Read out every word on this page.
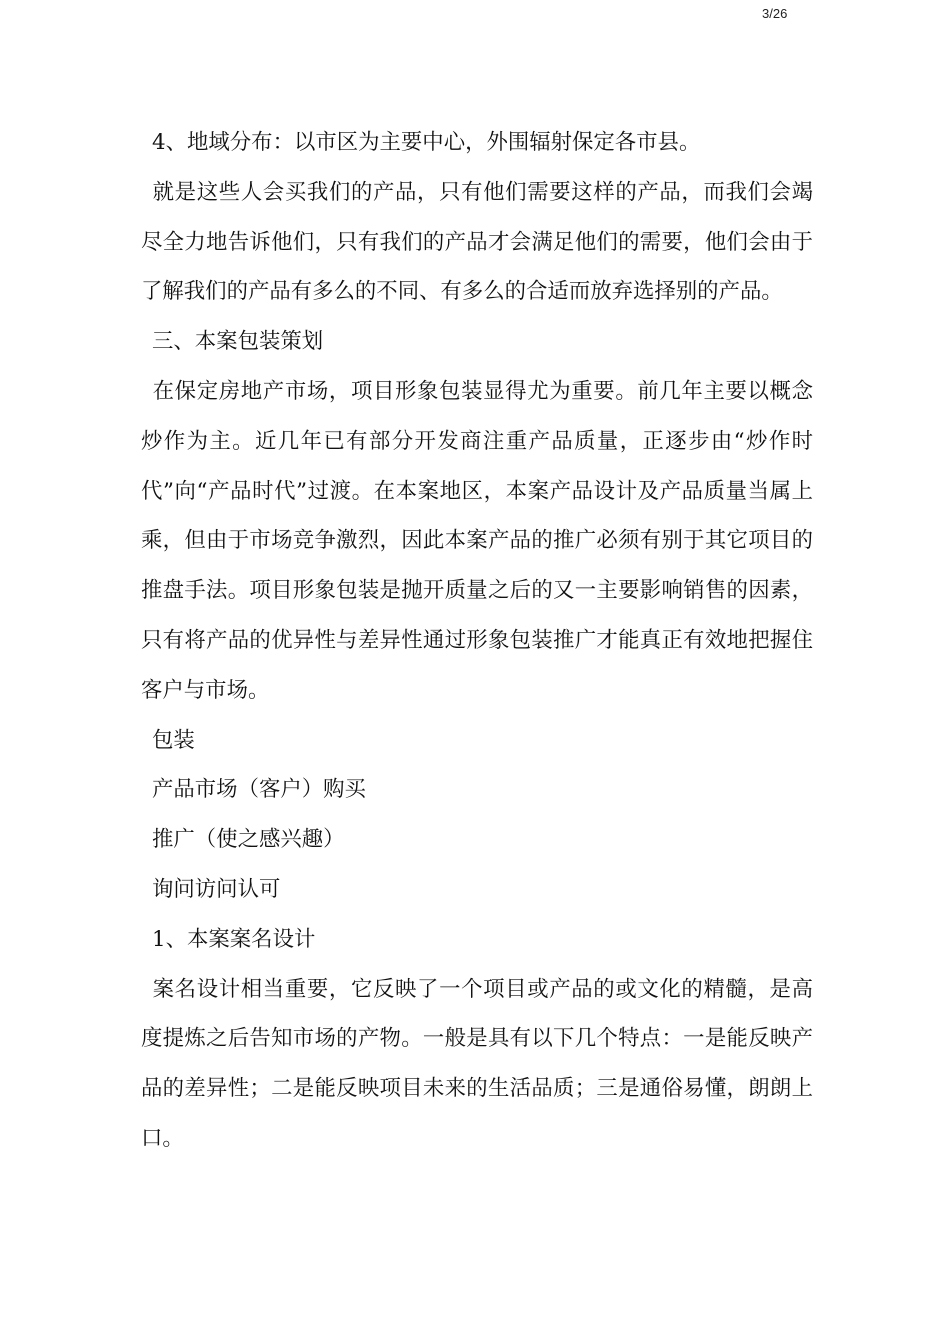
3/26

4、地域分布：以市区为主要中心，外围辐射保定各市县。

就是这些人会买我们的产品，只有他们需要这样的产品，而我们会竭尽全力地告诉他们，只有我们的产品才会满足他们的需要，他们会由于了解我们的产品有多么的不同、有多么的合适而放弃选择别的产品。

三、本案包装策划

在保定房地产市场，项目形象包装显得尤为重要。前几年主要以概念炒作为主。近几年已有部分开发商注重产品质量，正逐步由“炒作时代”向“产品时代”过渡。在本案地区，本案产品设计及产品质量当属上乘，但由于市场竞争激烈，因此本案产品的推广必须有别于其它项目的推盘手法。项目形象包装是抛开质量之后的又一主要影响销售的因素，只有将产品的优异性与差异性通过形象包装推广才能真正有效地把握住客户与市场。

包装

产品市场（客户）购买

推广（使之感兴趣）

询问访问认可

1、本案案名设计

案名设计相当重要，它反映了一个项目或产品的或文化的精髓，是高度提炼之后告知市场的产物。一般是具有以下几个特点：一是能反映产品的差异性；二是能反映项目未来的生活品质；三是通俗易懂，朗朗上口。
